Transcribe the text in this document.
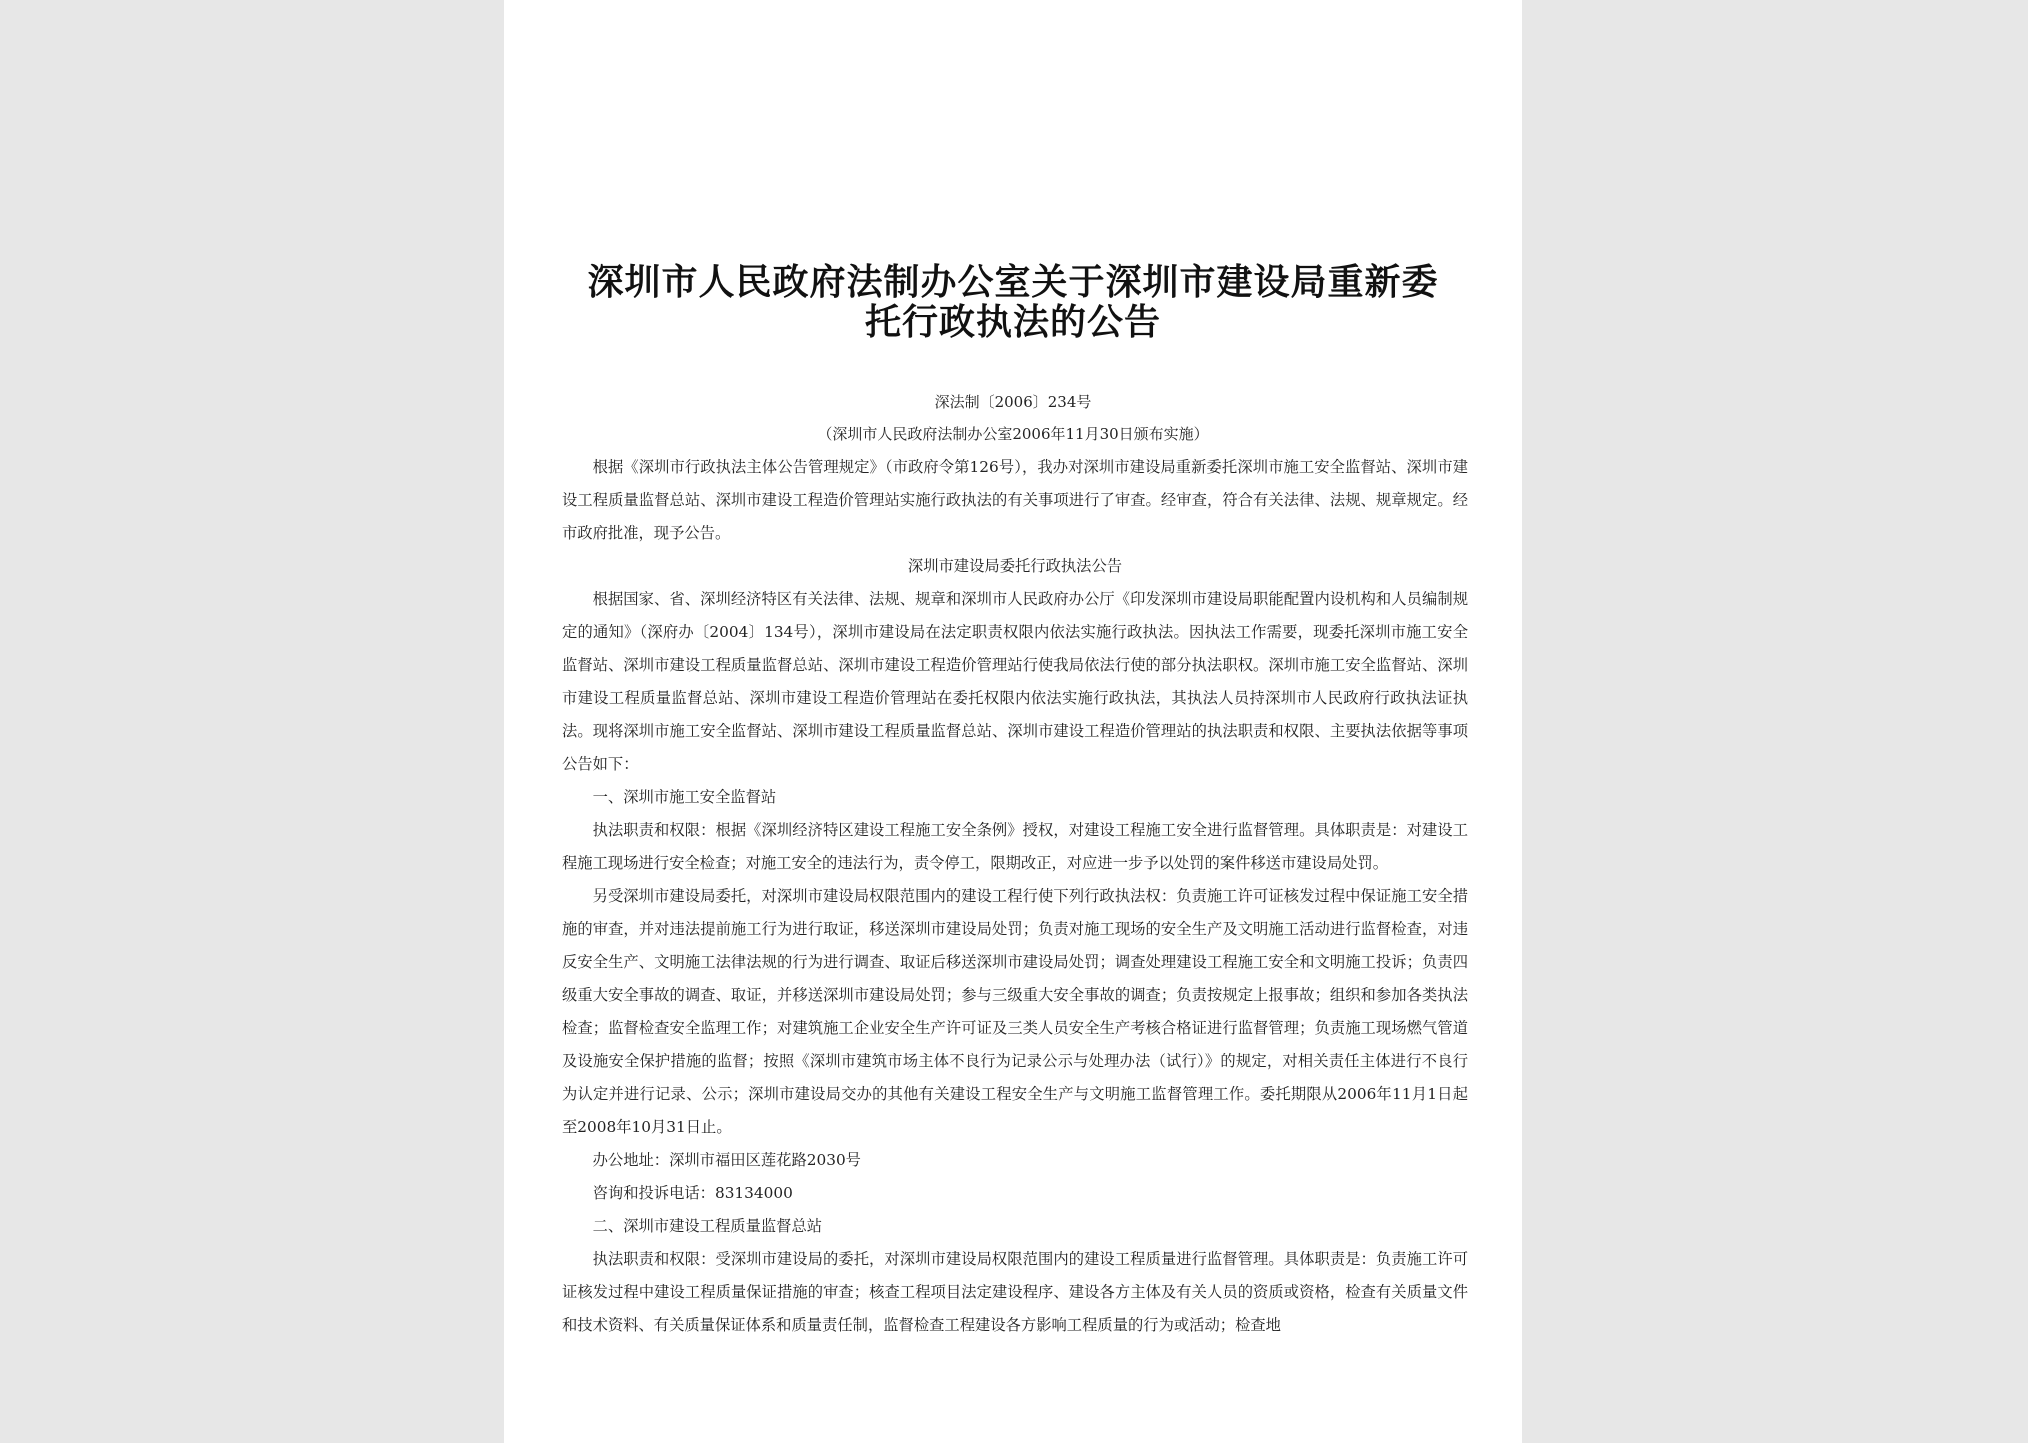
深圳市人民政府法制办公室关于深圳市建设局重新委托行政执法的公告
深法制〔2006〕234号
（深圳市人民政府法制办公室2006年11月30日颁布实施）

根据《深圳市行政执法主体公告管理规定》（市政府令第126号），我办对深圳市建设局重新委托深圳市施工安全监督站、深圳市建设工程质量监督总站、深圳市建设工程造价管理站实施行政执法的有关事项进行了审查。经审查，符合有关法律、法规、规章规定。经市政府批准，现予公告。

深圳市建设局委托行政执法公告

根据国家、省、深圳经济特区有关法律、法规、规章和深圳市人民政府办公厅《印发深圳市建设局职能配置内设机构和人员编制规定的通知》（深府办〔2004〕134号），深圳市建设局在法定职责权限内依法实施行政执法。因执法工作需要，现委托深圳市施工安全监督站、深圳市建设工程质量监督总站、深圳市建设工程造价管理站行使我局依法行使的部分执法职权。深圳市施工安全监督站、深圳市建设工程质量监督总站、深圳市建设工程造价管理站在委托权限内依法实施行政执法，其执法人员持深圳市人民政府行政执法证执法。现将深圳市施工安全监督站、深圳市建设工程质量监督总站、深圳市建设工程造价管理站的执法职责和权限、主要执法依据等事项公告如下：

一、深圳市施工安全监督站

执法职责和权限：根据《深圳经济特区建设工程施工安全条例》授权，对建设工程施工安全进行监督管理。具体职责是：对建设工程施工现场进行安全检查；对施工安全的违法行为，责令停工，限期改正，对应进一步予以处罚的案件移送市建设局处罚。

另受深圳市建设局委托，对深圳市建设局权限范围内的建设工程行使下列行政执法权：负责施工许可证核发过程中保证施工安全措施的审查，并对违法提前施工行为进行取证，移送深圳市建设局处罚；负责对施工现场的安全生产及文明施工活动进行监督检查，对违反安全生产、文明施工法律法规的行为进行调查、取证后移送深圳市建设局处罚；调查处理建设工程施工安全和文明施工投诉；负责四级重大安全事故的调查、取证，并移送深圳市建设局处罚；参与三级重大安全事故的调查；负责按规定上报事故；组织和参加各类执法检查；监督检查安全监理工作；对建筑施工企业安全生产许可证及三类人员安全生产考核合格证进行监督管理；负责施工现场燃气管道及设施安全保护措施的监督；按照《深圳市建筑市场主体不良行为记录公示与处理办法（试行）》的规定，对相关责任主体进行不良行为认定并进行记录、公示；深圳市建设局交办的其他有关建设工程安全生产与文明施工监督管理工作。委托期限从2006年11月1日起至2008年10月31日止。

办公地址：深圳市福田区莲花路2030号

咨询和投诉电话：83134000

二、深圳市建设工程质量监督总站

执法职责和权限：受深圳市建设局的委托，对深圳市建设局权限范围内的建设工程质量进行监督管理。具体职责是：负责施工许可证核发过程中建设工程质量保证措施的审查；核查工程项目法定建设程序、建设各方主体及有关人员的资质或资格，检查有关质量文件和技术资料、有关质量保证体系和质量责任制，监督检查工程建设各方影响工程质量的行为或活动；检查地
